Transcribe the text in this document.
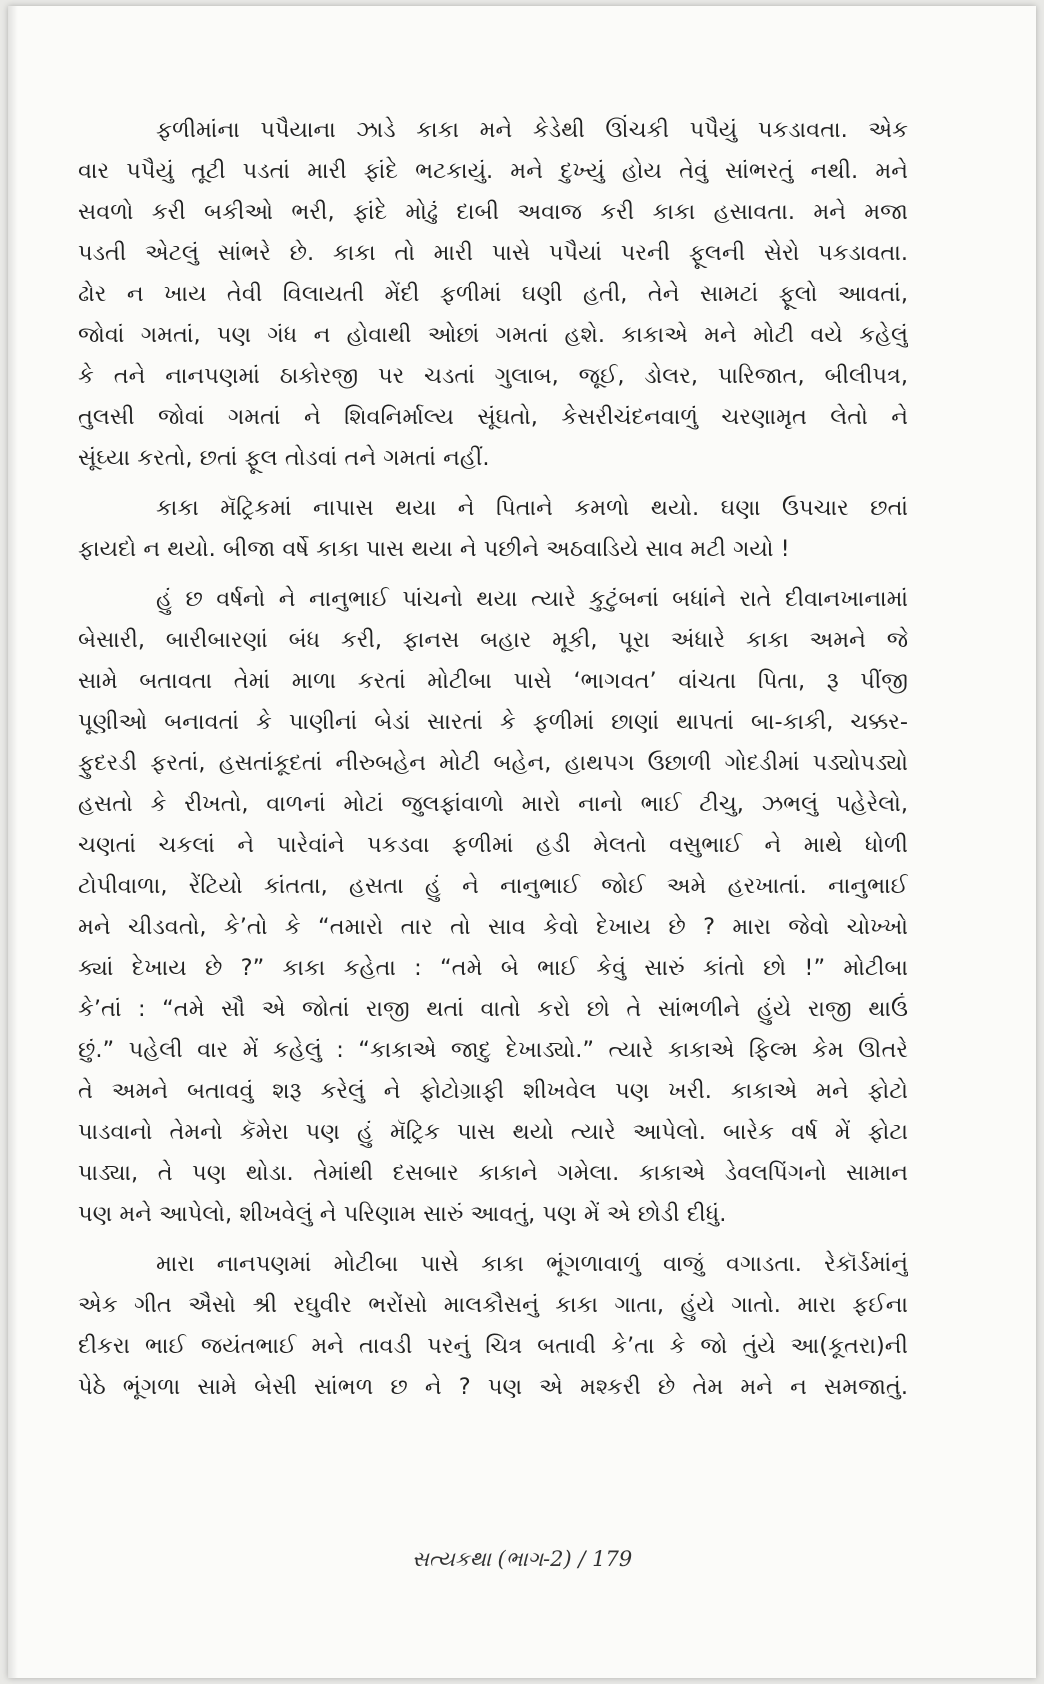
ફળીમાંના પપૈયાના ઝાડે કાકા મને કેડેથી ઊંચકી પપૈયું પકડાવતા. એક
વાર પપૈયું તૂટી પડતાં મારી ફાંદે ભટકાયું. મને દુખ્યું હોય તેવું સાંભરતું નથી. મને
સવળો કરી બકીઓ ભરી, ફાંદે મોઢું દાબી અવાજ કરી કાકા હસાવતા. મને મજા
પડતી એટલું સાંભરે છે. કાકા તો મારી પાસે પપૈયાં પરની ફૂલની સેરો પકડાવતા.
ઢોર ન ખાય તેવી વિલાયતી મેંદી ફળીમાં ઘણી હતી, તેને સામટાં ફૂલો આવતાં,
જોવાં ગમતાં, પણ ગંધ ન હોવાથી ઓછાં ગમતાં હશે. કાકાએ મને મોટી વયે કહેલું
કે તને નાનપણમાં ઠાકોરજી પર ચડતાં ગુલાબ, જૂઈ, ડોલર, પારિજાત, બીલીપત્ર,
તુલસી જોવાં ગમતાં ને શિવનિર્માલ્ય સૂંઘતો, કેસરીચંદનવાળું ચરણામૃત લેતો ને
સૂંઘ્યા કરતો, છતાં ફૂલ તોડવાં તને ગમતાં નહીં.
કાકા મૅટ્રિકમાં નાપાસ થયા ને પિતાને કમળો થયો. ઘણા ઉપચાર છતાં
ફાયદો ન થયો. બીજા વર્ષે કાકા પાસ થયા ને પછીને અઠવાડિયે સાવ મટી ગયો !
હું છ વર્ષનો ને નાનુભાઈ પાંચનો થયા ત્યારે કુટુંબનાં બધાંને રાતે દીવાનખાનામાં
બેસારી, બારીબારણાં બંધ કરી, ફાનસ બહાર મૂકી, પૂરા અંધારે કાકા અમને જે
સામે બતાવતા તેમાં માળા કરતાં મોટીબા પાસે ‘ભાગવત’ વાંચતા પિતા, રૂ પીંજી
પૂણીઓ બનાવતાં કે પાણીનાં બેડાં સારતાં કે ફળીમાં છાણાં થાપતાં બા-કાકી, ચક્કર-
ફુદરડી ફરતાં, હસતાંકૂદતાં નીરુબહેન મોટી બહેન, હાથપગ ઉછાળી ગોદડીમાં પડ્યોપડ્યો
હસતો કે રીખતો, વાળનાં મોટાં જુલફાંવાળો મારો નાનો ભાઈ ટીચુ, ઝભલું પહેરેલો,
ચણતાં ચકલાં ને પારેવાંને પકડવા ફળીમાં હડી મેલતો વસુભાઈ ને માથે ધોળી
ટોપીવાળા, રેંટિયો કાંતતા, હસતા હું ને નાનુભાઈ જોઈ અમે હરખાતાં. નાનુભાઈ
મને ચીડવતો, કે’તો કે “તમારો તાર તો સાવ કેવો દેખાય છે ? મારા જેવો ચોખ્ખો
ક્યાં દેખાય છે ?” કાકા કહેતા : “તમે બે ભાઈ કેવું સારું કાંતો છો !” મોટીબા
કે’તાં : “તમે સૌ એ જોતાં રાજી થતાં વાતો કરો છો તે સાંભળીને હુંયે રાજી થાઉં
છું.” પહેલી વાર મેં કહેલું : “કાકાએ જાદુ દેખાડ્યો.” ત્યારે કાકાએ ફિલ્મ કેમ ઊતરે
તે અમને બતાવવું શરૂ કરેલું ને ફોટોગ્રાફી શીખવેલ પણ ખરી. કાકાએ મને ફોટો
પાડવાનો તેમનો કૅમેરા પણ હું મૅટ્રિક પાસ થયો ત્યારે આપેલો. બારેક વર્ષ મેં ફોટા
પાડ્યા, તે પણ થોડા. તેમાંથી દસબાર કાકાને ગમેલા. કાકાએ ડેવલપિંગનો સામાન
પણ મને આપેલો, શીખવેલું ને પરિણામ સારું આવતું, પણ મેં એ છોડી દીધું.
મારા નાનપણમાં મોટીબા પાસે કાકા ભૂંગળાવાળું વાજું વગાડતા. રેકૉર્ડમાંનું
એક ગીત ઐસો શ્રી રઘુવીર ભરોંસો માલકૌસનું કાકા ગાતા, હુંયે ગાતો. મારા ફઈના
દીકરા ભાઈ જયંતભાઈ મને તાવડી પરનું ચિત્ર બતાવી કે’તા કે જો તુંયે આ(કૂતરા)ની
પેઠે ભૂંગળા સામે બેસી સાંભળ છ ને ? પણ એ મશ્કરી છે તેમ મને ન સમજાતું.
સત્યકથા (ભાગ-2) / 179
